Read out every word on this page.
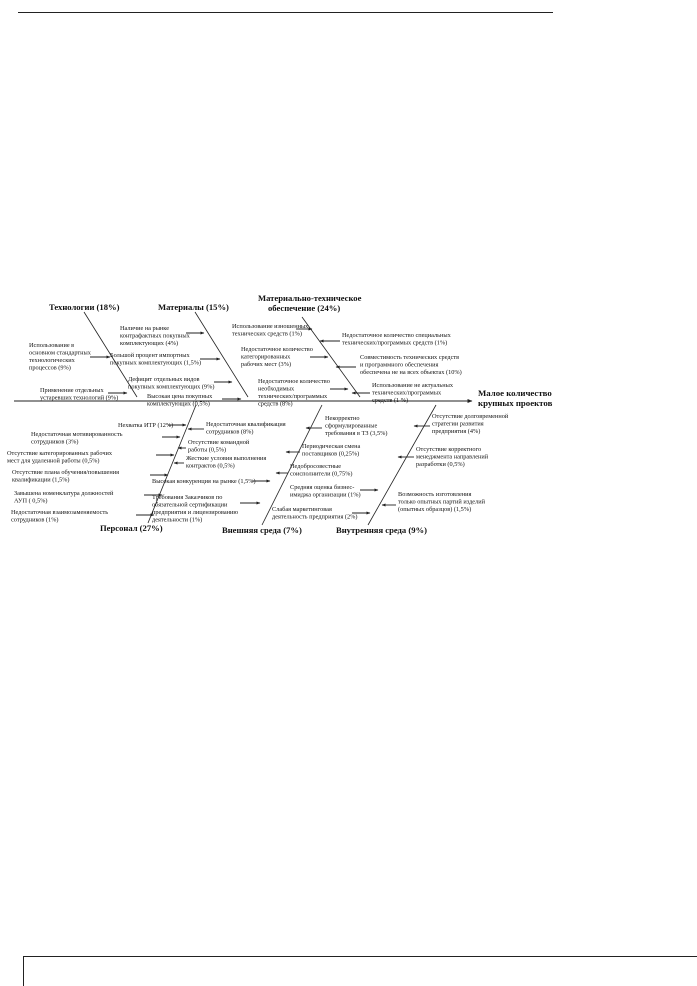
Малое количество крупных проектов
Технологии (18%)	Материалы (15%)
Материально-техническое обеспечение (24%)
Персонал (27%)	Внешняя среда (7%)	Внутренняя среда (9%)
Использование в основном стандартных технологических процессов (9%)
Применение отдельных устаревших технологий (9%)
Наличие на рынке контрафактных покупных комплектующих (4%)
Большой процент импортных покупных комплектующих (1,5%)
Дефицит отдельных видов покупных комплектующих (9%)
Высокая цена покупных комплектующих (0,5%)
Использование изношенных технических средств (1%)
Недостаточное количество категорированных рабочих мест (3%)
Недостаточное количество необходимых технических/программых средств (8%)
Недостаточное количество специальных технических/программых средств (1%)
Совместимость технических средств и программного обеспечения обеспечена не на всех объектах (10%)
Использование не актуальных технических/программых средств (1 %)
Нехватка ИТР (12%)
Недостаточная мотивированность сотрудников (3%)
Отсутствие категорированных рабочих мест для удаленной работы (0,5%)
Отсутствие плана обучения/повышения квалификации (1,5%)
Завышена номенклатура должностей АУП ( 0,5%)
Недостаточная взаимозаменяемость сотрудников (1%)
Недостаточная квалификация сотрудников (8%)
Отсутствие командной работы (0,5%)
Жесткие условия выполнения контрактов (0,5%)
Высокая конкуренция на рынке (1,5%)
Требования Заказчиков по обязательной сертификации предприятия и лицензированию деятельности (1%)
Некорректно сформулированные требования в ТЗ (3,5%)
Периодическая смена поставщиков (0,25%)
Недобросовестные соисполнители (0,75%)
Средняя оценка бизнес- имиджа организации (1%)
Слабая маркетинговая деятельность предприятия (2%)
Отсутствие долговременной стратегии развития предприятия (4%)
Отсутствие корректного менеджмента направлений разработки (0,5%)
Возможность изготовления только опытных партий изделий (опытных образцов) (1,5%)
